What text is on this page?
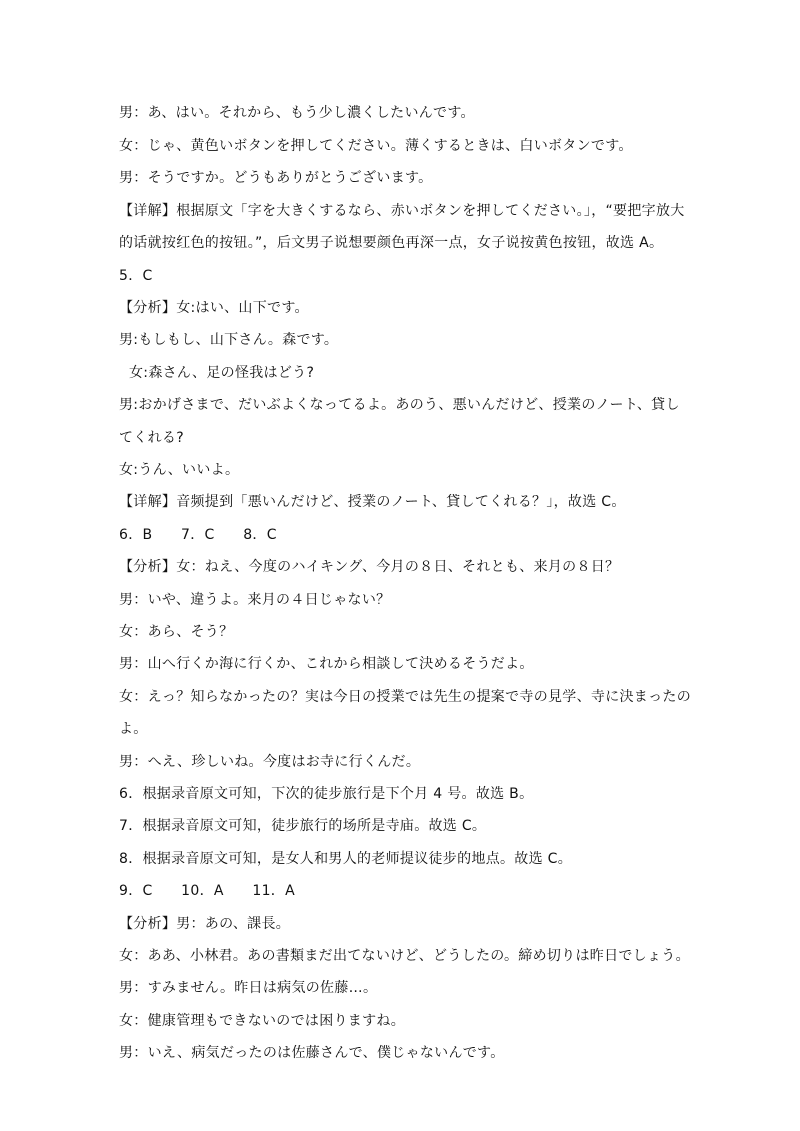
男：あ、はい。それから、もう少し濃くしたいんです。
女：じゃ、黄色いボタンを押してください。薄くするときは、白いボタンです。
男：そうですか。どうもありがとうございます。
【详解】根据原文「字を大きくするなら、赤いボタンを押してください。」，“要把字放大
的话就按红色的按钮。”，后文男子说想要颜色再深一点，女子说按黄色按钮，故选 A。
5．C
【分析】女:はい、山下です。
男:もしもし、山下さん。森です。
女:森さん、足の怪我はどう?
男:おかげさまで、だいぶよくなってるよ。あのう、悪いんだけど、授業のノート、貸し
てくれる?
女:うん、いいよ。
【详解】音频提到「悪いんだけど、授業のノート、貸してくれる？」，故选 C。
6．B　　7．C　　8．C
【分析】女：ねえ、今度のハイキング、今月の８日、それとも、来月の８日？
男：いや、違うよ。来月の４日じゃない？
女：あら、そう？
男：山へ行くか海に行くか、これから相談して決めるそうだよ。
女：えっ？知らなかったの？実は今日の授業では先生の提案で寺の見学、寺に決まったの
よ。
男：へえ、珍しいね。今度はお寺に行くんだ。
6．根据录音原文可知，下次的徒步旅行是下个月 4 号。故选 B。
7．根据录音原文可知，徒步旅行的场所是寺庙。故选 C。
8．根据录音原文可知，是女人和男人的老师提议徒步的地点。故选 C。
9．C　　10．A　　11．A
【分析】男：あの、課長。
女：ああ、小林君。あの書類まだ出てないけど、どうしたの。締め切りは昨日でしょう。
男：すみません。昨日は病気の佐藤…。
女：健康管理もできないのでは困りますね。
男：いえ、病気だったのは佐藤さんで、僕じゃないんです。
